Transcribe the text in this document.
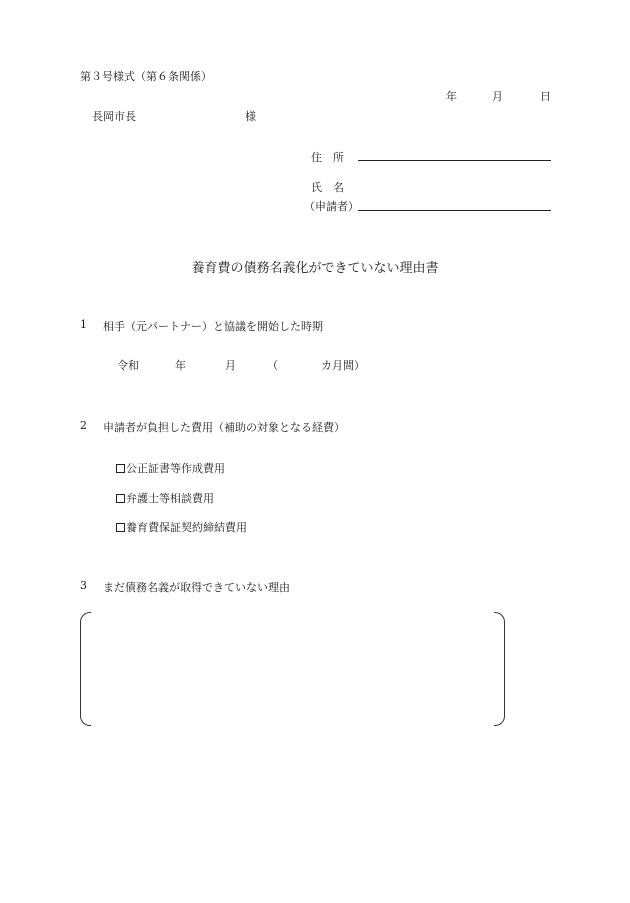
第３号様式（第６条関係）
年	月	日
長岡市長	様
住　所
氏　名
（申請者）
養育費の債務名義化ができていない理由書
1 相手（元パートナー）と協議を開始した時期
令和	年	月	（	カ月間）
2 申請者が負担した費用（補助の対象となる経費）
公正証書等作成費用
弁護士等相談費用
養育費保証契約締結費用
3 まだ債務名義が取得できていない理由
